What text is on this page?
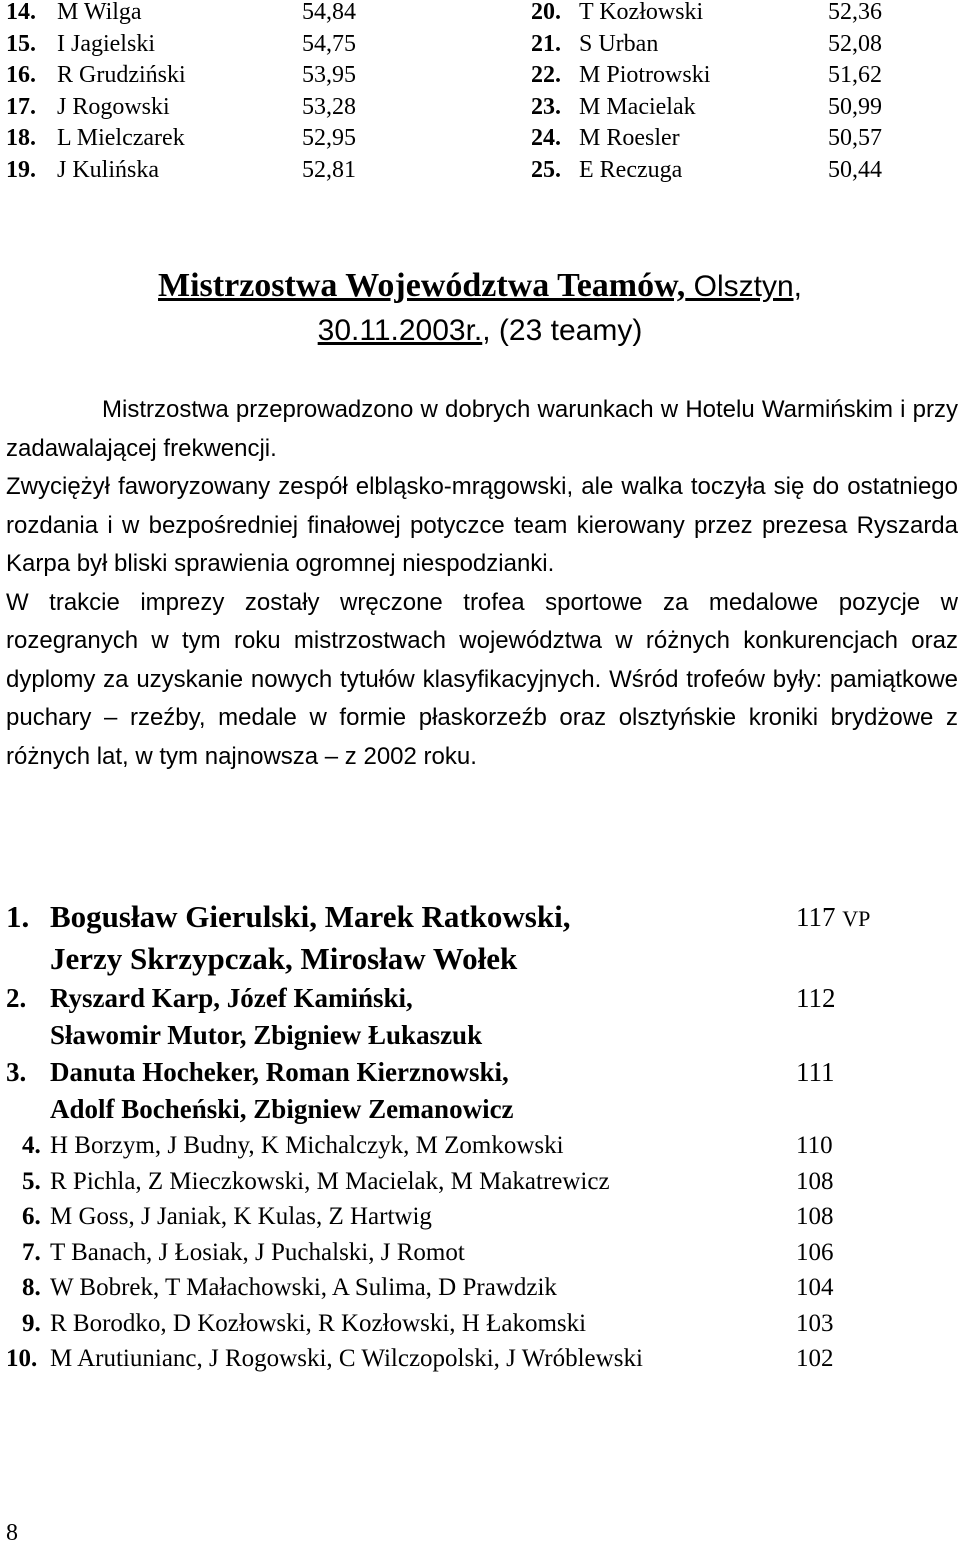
14. M Wilga	54,84	20. T Kozłowski	52,36
15. I Jagielski	54,75	21. S Urban	52,08
16. R Grudziński	53,95	22. M Piotrowski	51,62
17. J Rogowski	53,28	23. M Macielak	50,99
18. L Mielczarek	52,95	24. M Roesler	50,57
19. J Kulińska	52,81	25. E Reczuga	50,44
Mistrzostwa Województwa Teamów, Olsztyn,
30.11.2003r., (23 teamy)

Mistrzostwa przeprowadzono w dobrych warunkach w Hotelu Warmińskim i przy zadawalającej frekwencji.

Zwyciężył faworyzowany zespół elbląsko-mrągowski, ale walka toczyła się do ostatniego rozdania i w bezpośredniej finałowej potyczce team kierowany przez prezesa Ryszarda Karpa był bliski sprawienia ogromnej niespodzianki.

W trakcie imprezy zostały wręczone trofea sportowe za medalowe pozycje w rozegranych w tym roku mistrzostwach województwa w różnych konkurencjach oraz dyplomy za uzyskanie nowych tytułów klasyfikacyjnych. Wśród trofeów były: pamiątkowe puchary – rzeźby, medale w formie płaskorzeźb oraz olsztyńskie kroniki brydżowe z różnych lat, w tym najnowsza – z 2002 roku.

1. Bogusław Gierulski, Marek Ratkowski,	117 VP
Jerzy Skrzypczak, Mirosław Wołek
2. Ryszard Karp, Józef Kamiński,	112
Sławomir Mutor, Zbigniew Łukaszuk
3. Danuta Hocheker, Roman Kierznowski,	111
Adolf Bocheński, Zbigniew Zemanowicz
4. H Borzym, J Budny, K Michalczyk, M Zomkowski	110
5. R Pichla, Z Mieczkowski, M Macielak, M Makatrewicz	108
6. M Goss, J Janiak, K Kulas, Z Hartwig	108
7. T Banach, J Łosiak, J Puchalski, J Romot	106
8. W Bobrek, T Małachowski, A Sulima, D Prawdzik	104
9. R Borodko, D Kozłowski, R Kozłowski, H Łakomski	103
10. M Arutiunianc, J Rogowski, C Wilczopolski, J Wróblewski	102
8
